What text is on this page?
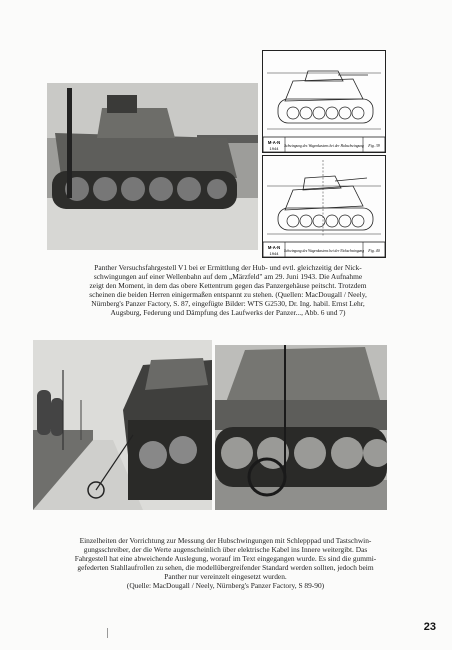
M·A·N
1944 Schwingung des Wagenkastens bei der Hubschwingung Fig. 39
M·A·N
1944 Schwingung des Wagenkastens bei der Nickschwingung Fig. 40
Panther Versuchsfahrgestell V1 bei er Ermittlung der Hub- und evtl. gleichzeitig der Nick-
schwingungen auf einer Wellenbahn auf dem „Märzfeld" am 29. Juni 1943. Die Aufnahme
zeigt den Moment, in dem das obere Kettentrum gegen das Panzergehäuse peitscht. Trotzdem
scheinen die beiden Herren einigermaßen entspannt zu stehen. (Quellen: MacDougall / Neely,
Nürnberg's Panzer Factory, S. 87, eingefügte Bilder: WTS G2530, Dr. Ing. habil. Ernst Lehr,
Augsburg, Federung und Dämpfung des Laufwerks der Panzer..., Abb. 6 und 7)
Einzelheiten der Vorrichtung zur Messung der Hubschwingungen mit Schleppрad und Tastschwin-
gungsschreiber, der die Werte augenscheinlich über elektrische Kabel ins Innere weitergibt. Das
Fahrgestell hat eine abweichende Auslegung, worauf im Text eingegangen wurde. Es sind die gummi-
gefederten Stahllaufrollen zu sehen, die modellübergreifender Standard werden sollten, jedoch beim
Panther nur vereinzelt eingesetzt wurden.
(Quelle: MacDougall / Neely, Nürnberg's Panzer Factory, S 89-90)
23
